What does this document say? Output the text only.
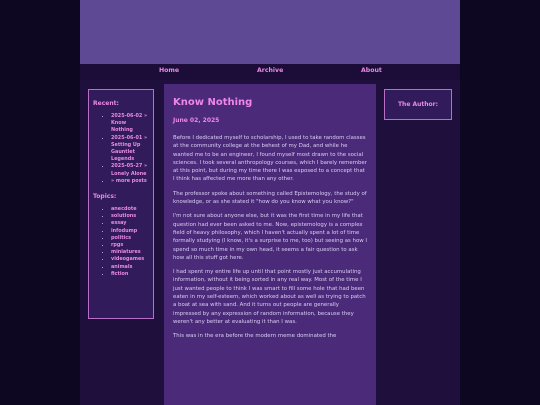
Home	Archive	About
Recent:
• 2025-06-02 » Know Nothing
• 2025-06-01 » Setting Up Gauntlet Legends
• 2025-05-27 » Lonely Alone
• » more posts
Topics:
• anecdote
• solutions
• essay
• infodump
• politics
• rpgs
• miniatures
• videogames
• animals
• fiction
Know Nothing
June 02, 2025

Before I dedicated myself to scholarship, I used to take random classes at the community college at the behest of my Dad, and while he wanted me to be an engineer, I found myself most drawn to the social sciences. I took several anthropology courses, which I barely remember at this point, but during my time there I was exposed to a concept that I think has affected me more than any other.

The professor spoke about something called Epistemology, the study of knowledge, or as she stated it "how do you know what you know?"

I'm not sure about anyone else, but it was the first time in my life that question had ever been asked to me. Now, epistemology is a complex field of heavy philosophy, which I haven't actually spent a lot of time formally studying (I know, it's a surprise to me, too) but seeing as how I spend so much time in my own head, it seems a fair question to ask how all this stuff got here.

I had spent my entire life up until that point mostly just accumulating information, without it being sorted in any real way. Most of the time I just wanted people to think I was smart to fill some hole that had been eaten in my self-esteem, which worked about as well as trying to patch a boat at sea with sand. And it turns out people are generally impressed by any expression of random information, because they weren't any better at evaluating it than I was.

This was in the era before the modern meme dominated the

The Author:
